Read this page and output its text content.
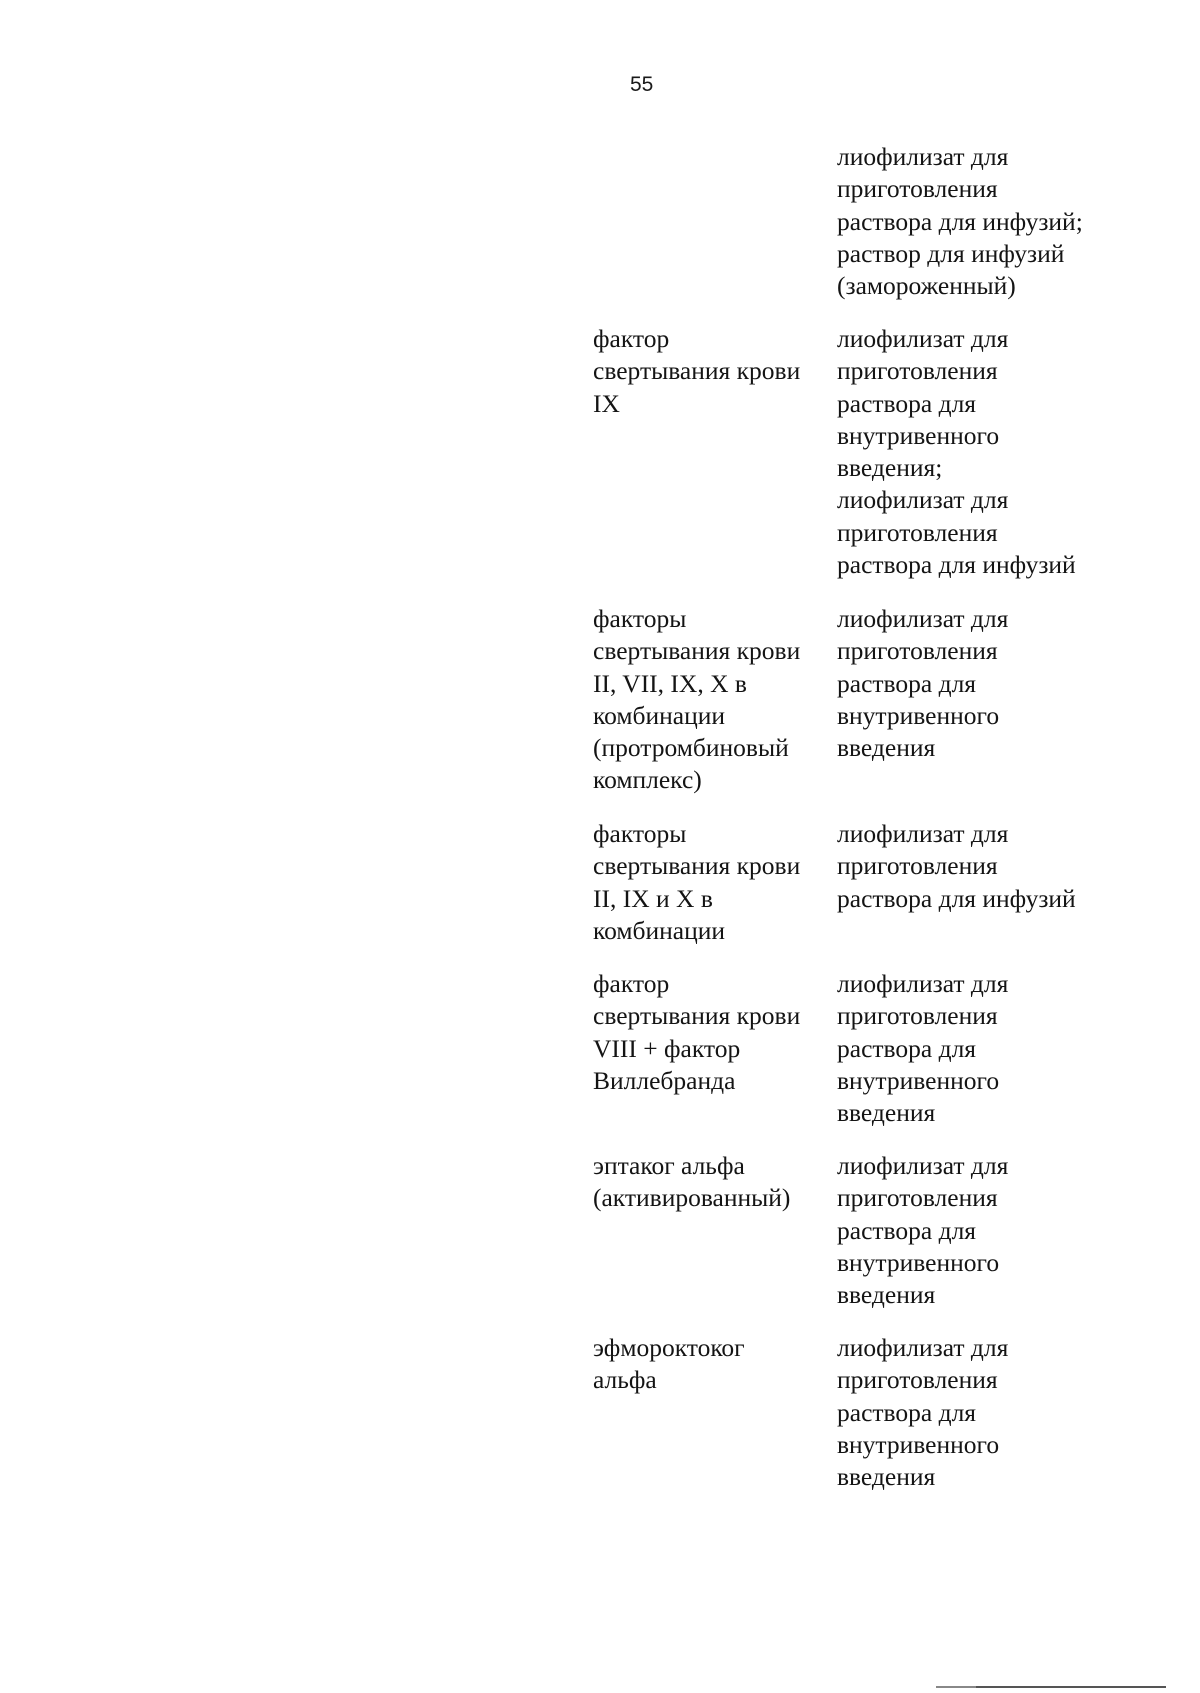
55

лиофилизат для
приготовления
раствора для инфузий;
раствор для инфузий
(замороженный)

фактор
свертывания крови
IX

лиофилизат для
приготовления
раствора для
внутривенного
введения;
лиофилизат для
приготовления
раствора для инфузий

факторы
свертывания крови
II, VII, IX, X в
комбинации
(протромбиновый
комплекс)

лиофилизат для
приготовления
раствора для
внутривенного
введения

факторы
свертывания крови
II, IX и X в
комбинации

лиофилизат для
приготовления
раствора для инфузий

фактор
свертывания крови
VIII + фактор
Виллебранда

лиофилизат для
приготовления
раствора для
внутривенного
введения

эптаког альфа
(активированный)

лиофилизат для
приготовления
раствора для
внутривенного
введения

эфмороктоког
альфа

лиофилизат для
приготовления
раствора для
внутривенного
введения
